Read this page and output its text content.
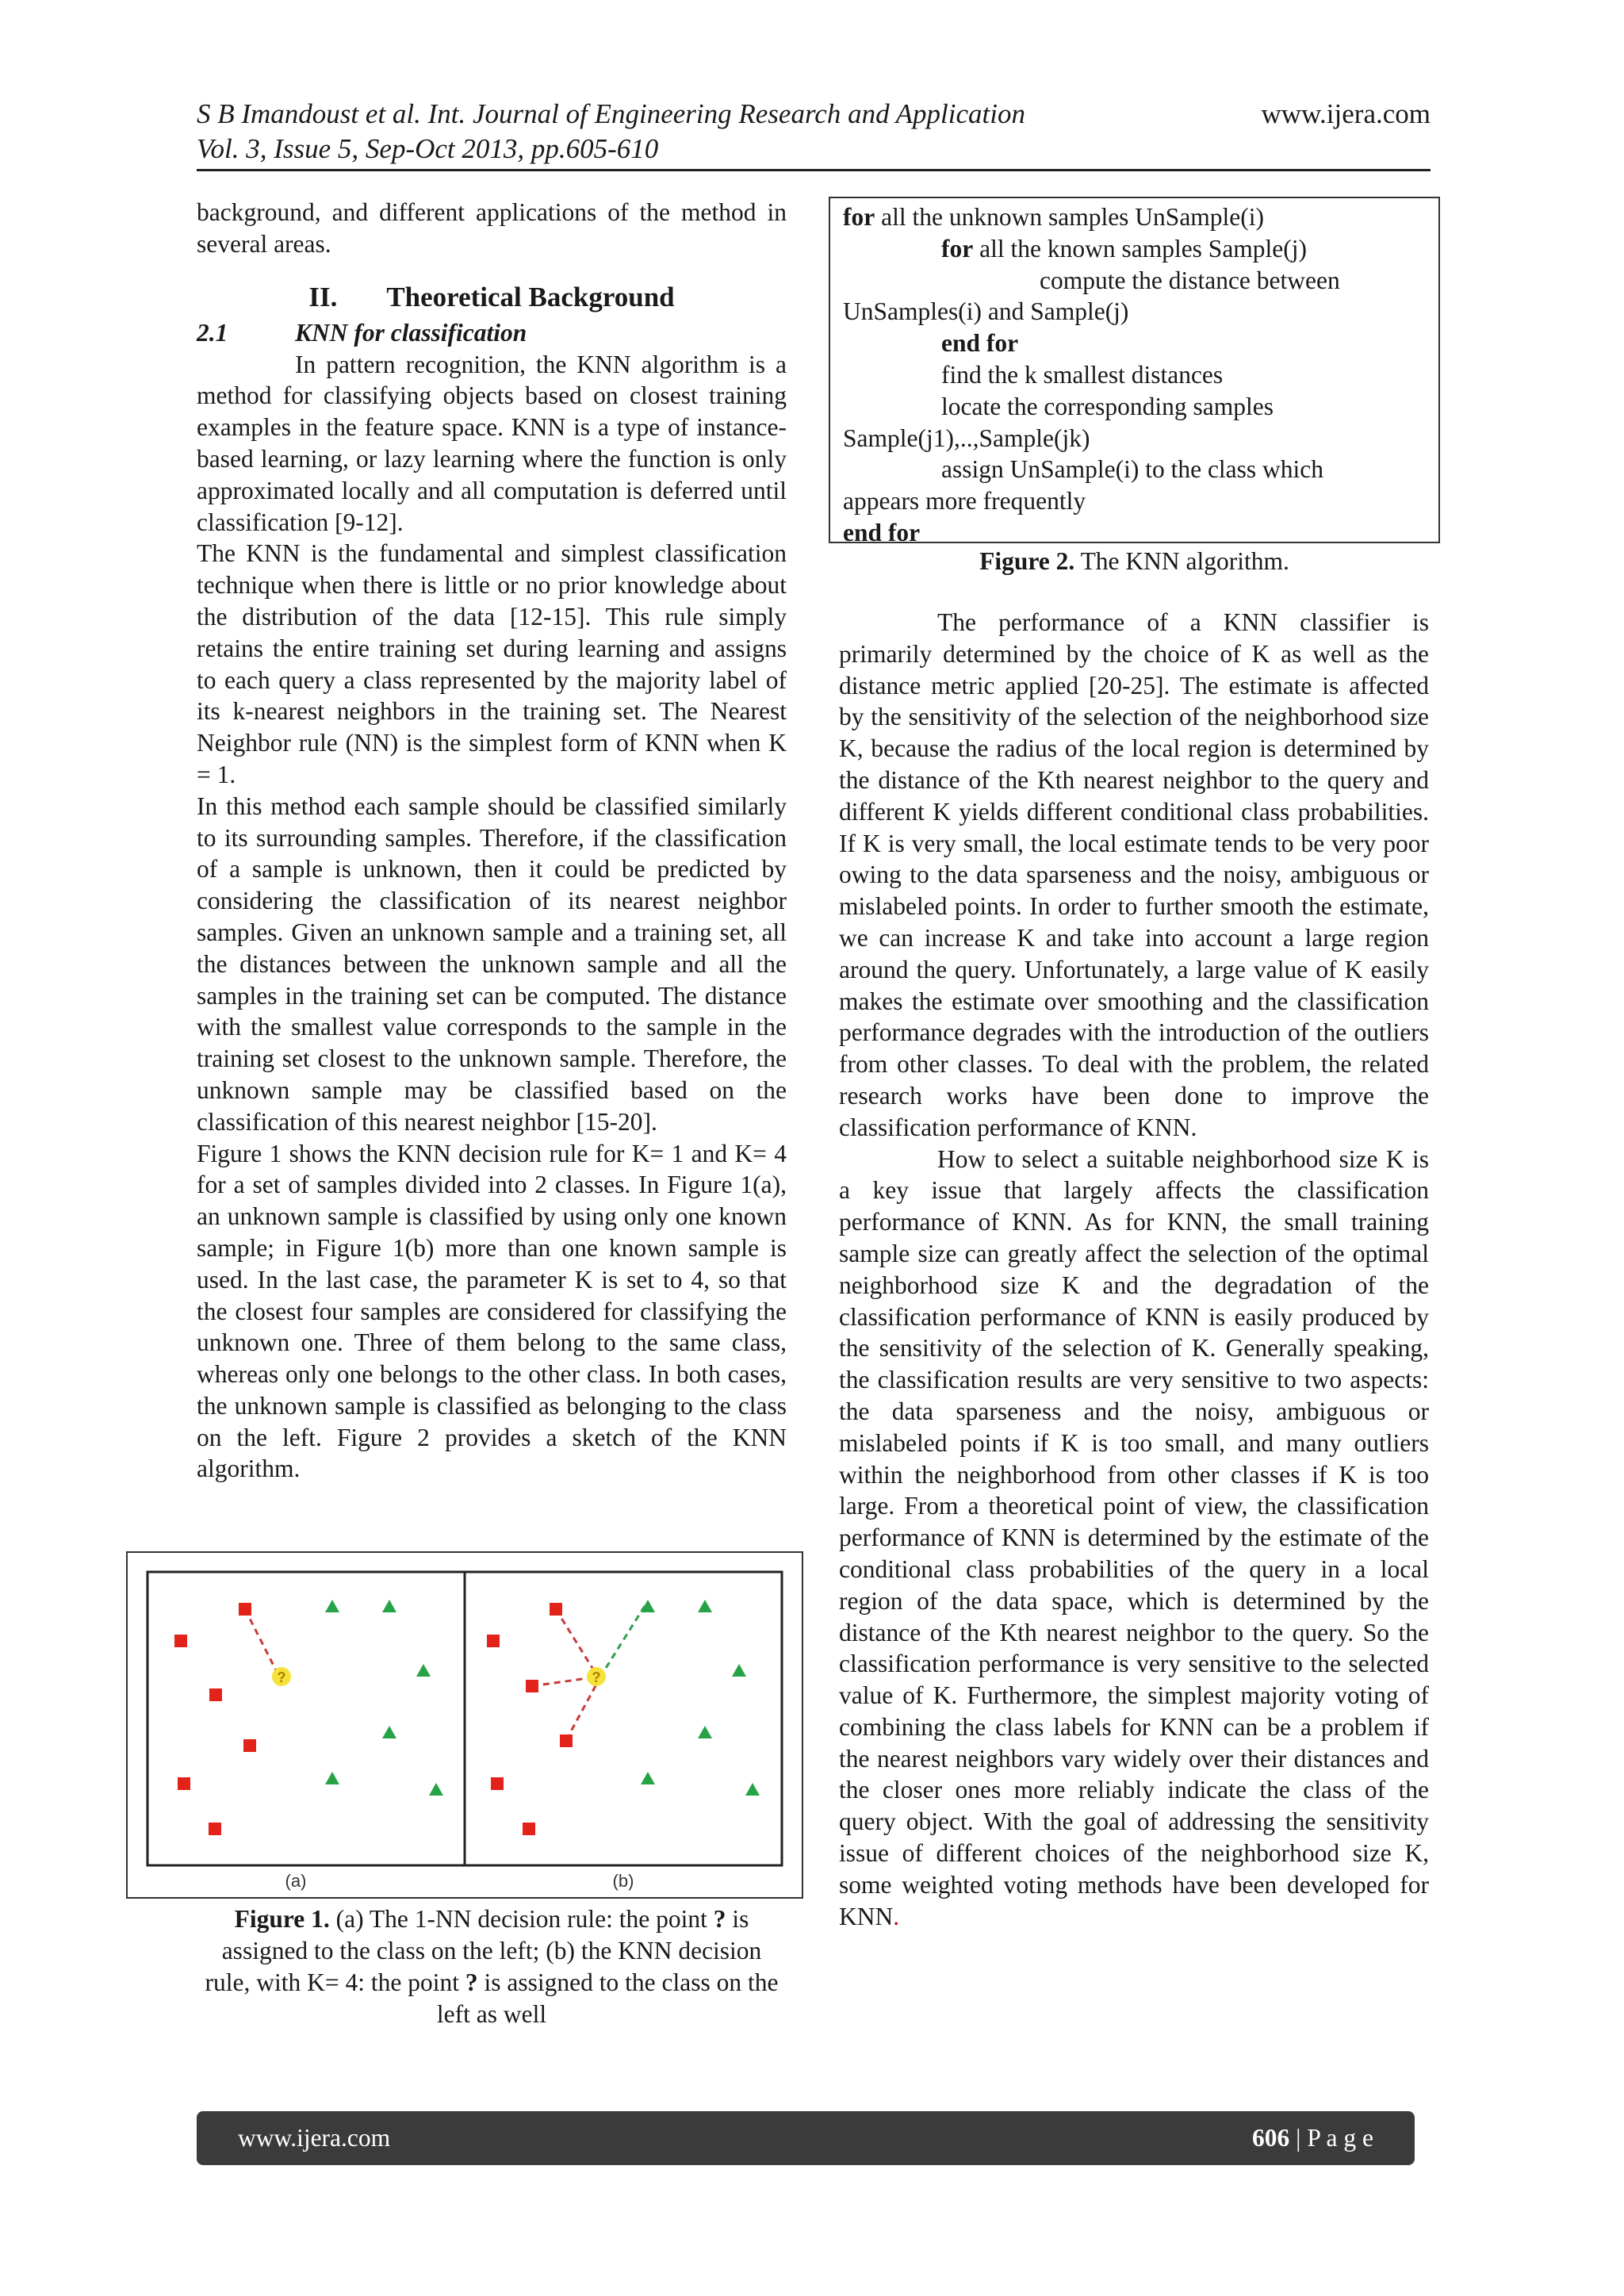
S B Imandoust et al. Int. Journal of Engineering Research and Application	www.ijera.com
Vol. 3, Issue 5, Sep-Oct 2013, pp.605-610

background, and different applications of the method in several areas.

II. Theoretical Background
2.1	KNN for classification

In pattern recognition, the KNN algorithm is a method for classifying objects based on closest training examples in the feature space. KNN is a type of instance-based learning, or lazy learning where the function is only approximated locally and all computation is deferred until classification [9-12].

The KNN is the fundamental and simplest classification technique when there is little or no prior knowledge about the distribution of the data [12-15]. This rule simply retains the entire training set during learning and assigns to each query a class represented by the majority label of its k-nearest neighbors in the training set. The Nearest Neighbor rule (NN) is the simplest form of KNN when K = 1.

In this method each sample should be classified similarly to its surrounding samples. Therefore, if the classification of a sample is unknown, then it could be predicted by considering the classification of its nearest neighbor samples. Given an unknown sample and a training set, all the distances between the unknown sample and all the samples in the training set can be computed. The distance with the smallest value corresponds to the sample in the training set closest to the unknown sample. Therefore, the unknown sample may be classified based on the classification of this nearest neighbor [15-20].

Figure 1 shows the KNN decision rule for K= 1 and K= 4 for a set of samples divided into 2 classes. In Figure 1(a), an unknown sample is classified by using only one known sample; in Figure 1(b) more than one known sample is used. In the last case, the parameter K is set to 4, so that the closest four samples are considered for classifying the unknown one. Three of them belong to the same class, whereas only one belongs to the other class. In both cases, the unknown sample is classified as belonging to the class on the left. Figure 2 provides a sketch of the KNN algorithm.

?	?
(a)	(b)
Figure 1. (a) The 1-NN decision rule: the point ? is assigned to the class on the left; (b) the KNN decision rule, with K= 4: the point ? is assigned to the class on the left as well
for all the unknown samples UnSample(i)
for all the known samples Sample(j)
compute the distance between
UnSamples(i) and Sample(j)
end for
find the k smallest distances
locate the corresponding samples
Sample(j1),..,Sample(jk)
assign UnSample(i) to the class which
appears more frequently
end for
Figure 2. The KNN algorithm.

The performance of a KNN classifier is primarily determined by the choice of K as well as the distance metric applied [20-25]. The estimate is affected by the sensitivity of the selection of the neighborhood size K, because the radius of the local region is determined by the distance of the Kth nearest neighbor to the query and different K yields different conditional class probabilities. If K is very small, the local estimate tends to be very poor owing to the data sparseness and the noisy, ambiguous or mislabeled points. In order to further smooth the estimate, we can increase K and take into account a large region around the query. Unfortunately, a large value of K easily makes the estimate over smoothing and the classification performance degrades with the introduction of the outliers from other classes. To deal with the problem, the related research works have been done to improve the classification performance of KNN.

How to select a suitable neighborhood size K is a key issue that largely affects the classification performance of KNN. As for KNN, the small training sample size can greatly affect the selection of the optimal neighborhood size K and the degradation of the classification performance of KNN is easily produced by the sensitivity of the selection of K. Generally speaking, the classification results are very sensitive to two aspects: the data sparseness and the noisy, ambiguous or mislabeled points if K is too small, and many outliers within the neighborhood from other classes if K is too large. From a theoretical point of view, the classification performance of KNN is determined by the estimate of the conditional class probabilities of the query in a local region of the data space, which is determined by the distance of the Kth nearest neighbor to the query. So the classification performance is very sensitive to the selected value of K. Furthermore, the simplest majority voting of combining the class labels for KNN can be a problem if the nearest neighbors vary widely over their distances and the closer ones more reliably indicate the class of the query object. With the goal of addressing the sensitivity issue of different choices of the neighborhood size K, some weighted voting methods have been developed for KNN.

www.ijera.com	606 | P a g e
